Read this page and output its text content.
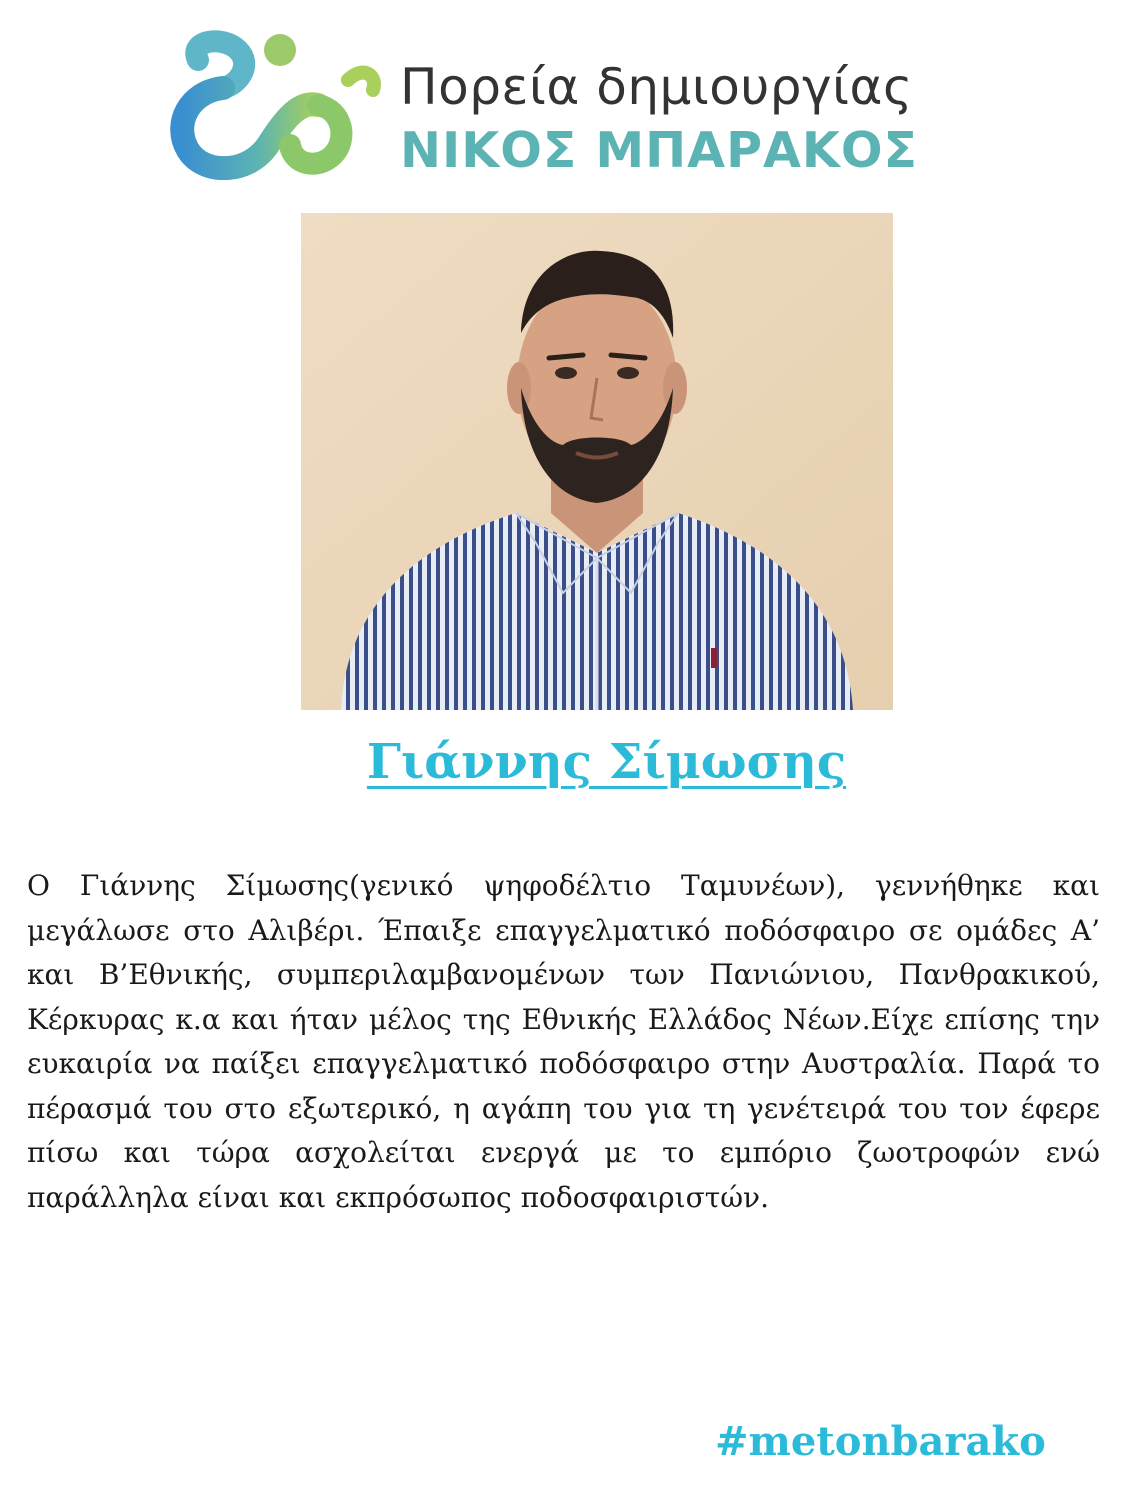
Πορεία δημιουργίας
ΝΙΚΟΣ ΜΠΑΡΑΚΟΣ
Γιάννης Σίμωσης

Ο Γιάννης Σίμωσης(γενικό ψηφοδέλτιο Ταμυνέων), γεννήθηκε και μεγάλωσε στο Αλιβέρι. Έπαιξε επαγγελματικό ποδόσφαιρο σε ομάδες Α’ και Β’Εθνικής, συμπεριλαμβανομένων των Πανιώνιου, Πανθρακικού, Κέρκυρας κ.α και ήταν μέλος της Εθνικής Ελλάδος Νέων.Είχε επίσης την ευκαιρία να παίξει επαγγελματικό ποδόσφαιρο στην Αυστραλία. Παρά το πέρασμά του στο εξωτερικό, η αγάπη του για τη γενέτειρά του τον έφερε πίσω και τώρα ασχολείται ενεργά με το εμπόριο ζωοτροφών ενώ παράλληλα είναι και εκπρόσωπος ποδοσφαιριστών.

#metonbarako
